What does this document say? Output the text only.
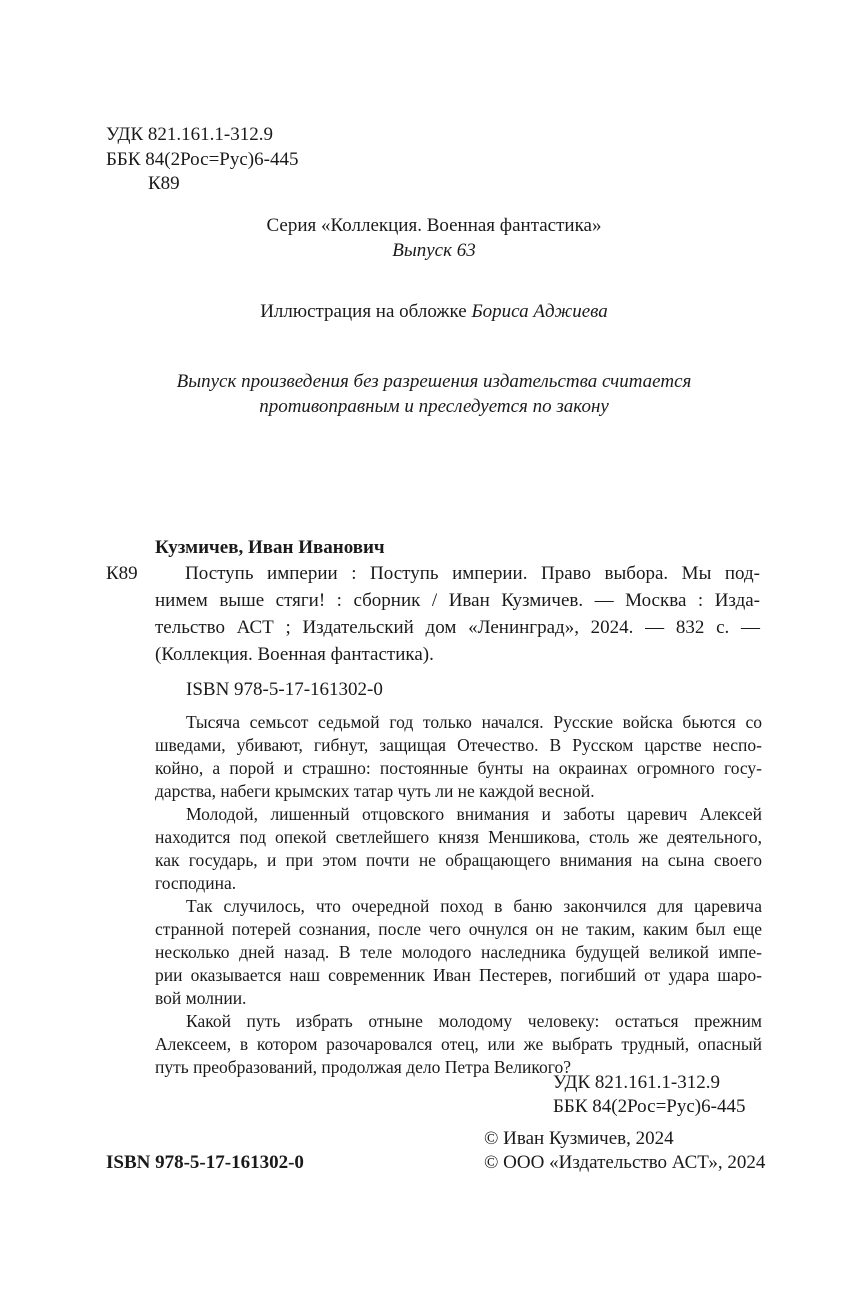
УДК 821.161.1-312.9
ББК 84(2Рос=Рус)6-445
К89
Серия «Коллекция. Военная фантастика»
Выпуск 63
Иллюстрация на обложке Бориса Аджиева
Выпуск произведения без разрешения издательства считается
противоправным и преследуется по закону
Кузмичев, Иван Иванович
К89	Поступь империи : Поступь империи. Право выбора. Мы под-
нимем выше стяги! : сборник / Иван Кузмичев. — Москва : Изда-
тельство АСТ ; Издательский дом «Ленинград», 2024. — 832 с. —
(Коллекция. Военная фантастика).
ISBN 978-5-17-161302-0
Тысяча семьсот седьмой год только начался. Русские войска бьются со
шведами, убивают, гибнут, защищая Отечество. В Русском царстве неспо-
койно, а порой и страшно: постоянные бунты на окраинах огромного госу-
дарства, набеги крымских татар чуть ли не каждой весной.
Молодой, лишенный отцовского внимания и заботы царевич Алексей
находится под опекой светлейшего князя Меншикова, столь же деятельного,
как государь, и при этом почти не обращающего внимания на сына своего
господина.
Так случилось, что очередной поход в баню закончился для царевича
странной потерей сознания, после чего очнулся он не таким, каким был еще
несколько дней назад. В теле молодого наследника будущей великой импе-
рии оказывается наш современник Иван Пестерев, погибший от удара шаро-
вой молнии.
Какой путь избрать отныне молодому человеку: остаться прежним
Алексеем, в котором разочаровался отец, или же выбрать трудный, опасный
путь преобразований, продолжая дело Петра Великого?
УДК 821.161.1-312.9
ББК 84(2Рос=Рус)6-445
© Иван Кузмичев, 2024
© ООО «Издательство АСТ», 2024
ISBN 978-5-17-161302-0
